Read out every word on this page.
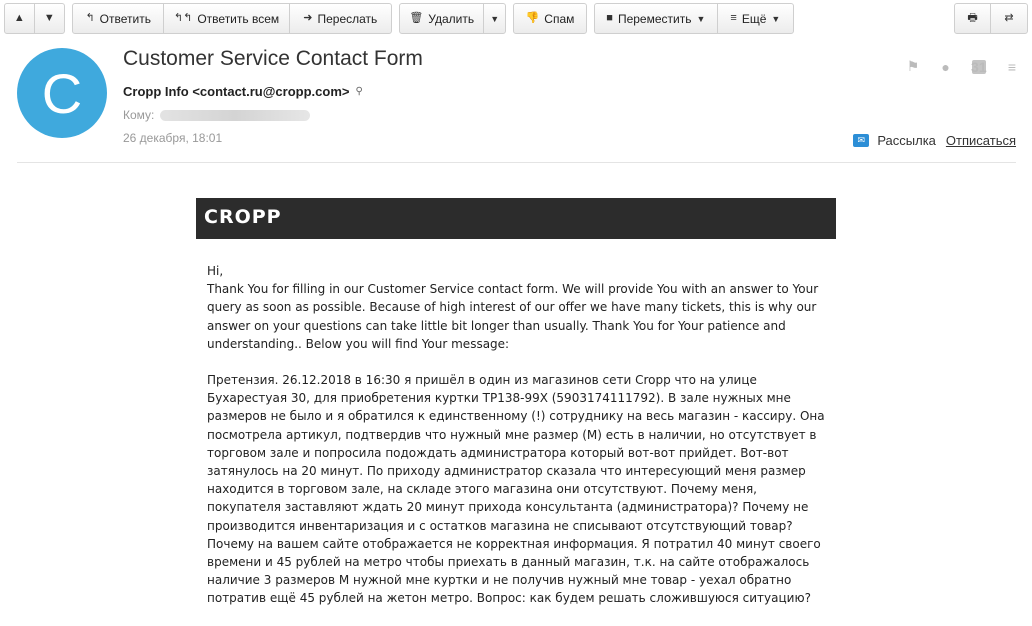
▲ ▼	↰ Ответить ↰↰ Ответить всем ➜ Переслать	🗑 Удалить ▼ 👎 Спам	■ Переместить ▼ ≡ Ещё ▼	🖶 ⇄
C
Customer Service Contact Form
Cropp Info <contact.ru@cropp.com> ⚲
Кому:
26 декабря, 18:01
⚑ ● 31 ≡
✉ Рассылка Отписаться
CROPP
Hi,

Thank You for filling in our Customer Service contact form. We will provide You with an answer to Your query as soon as possible. Because of high interest of our offer we have many tickets, this is why our answer on your questions can take little bit longer than usually. Thank You for Your patience and understanding.. Below you will find Your message:

Претензия. 26.12.2018 в 16:30 я пришёл в один из магазинов сети Cropp что на улице Бухарестуая 30, для приобретения куртки TP138-99X (5903174111792). В зале нужных мне размеров не было и я обратился к единственному (!) сотруднику на весь магазин - кассиру. Она посмотрела артикул, подтвердив что нужный мне размер (М) есть в наличии, но отсутствует в торговом зале и попросила подождать администратора который вот-вот прийдет. Вот-вот затянулось на 20 минут. По приходу администратор сказала что интересующий меня размер находится в торговом зале, на складе этого магазина они отсутствуют. Почему меня, покупателя заставляют ждать 20 минут прихода консультанта (администратора)? Почему не производится инвентаризация и с остатков магазина не списывают отсутствующий товар? Почему на вашем сайте отображается не корректная информация. Я потратил 40 минут своего времени и 45 рублей на метро чтобы приехать в данный магазин, т.к. на сайте отображалось наличие 3 размеров М нужной мне куртки и не получив нужный мне товар - уехал обратно потратив ещё 45 рублей на жетон метро. Вопрос: как будем решать сложившуюся ситуацию?
